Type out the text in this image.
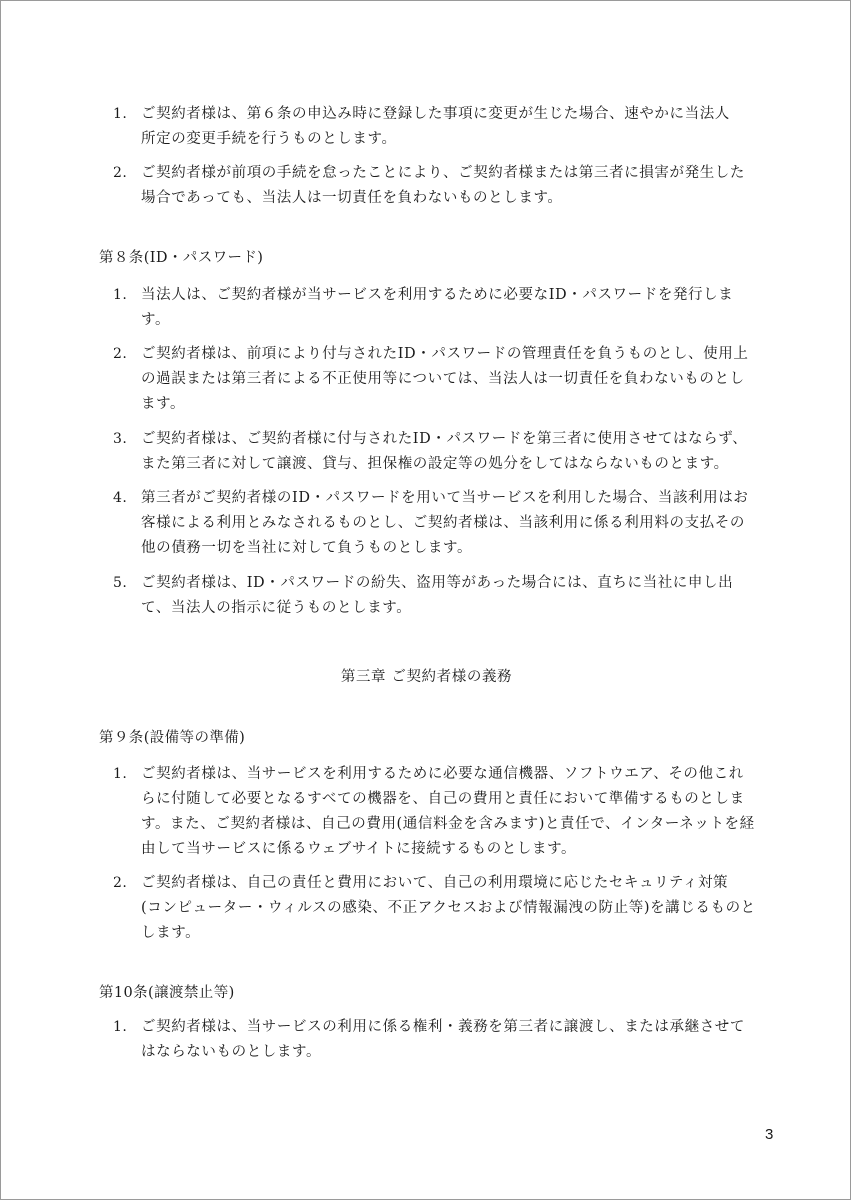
1. ご契約者様は、第６条の申込み時に登録した事項に変更が生じた場合、速やかに当法人
所定の変更手続を行うものとします。
2. ご契約者様が前項の手続を怠ったことにより、ご契約者様または第三者に損害が発生した
場合であっても、当法人は一切責任を負わないものとします。
第８条(ID・パスワード)
1. 当法人は、ご契約者様が当サービスを利用するために必要なID・パスワードを発行しま
す。
2. ご契約者様は、前項により付与されたID・パスワードの管理責任を負うものとし、使用上
の過誤または第三者による不正使用等については、当法人は一切責任を負わないものとし
ます。
3. ご契約者様は、ご契約者様に付与されたID・パスワードを第三者に使用させてはならず、
また第三者に対して譲渡、貸与、担保権の設定等の処分をしてはならないものとます。
4. 第三者がご契約者様のID・パスワードを用いて当サービスを利用した場合、当該利用はお
客様による利用とみなされるものとし、ご契約者様は、当該利用に係る利用料の支払その
他の債務一切を当社に対して負うものとします。
5. ご契約者様は、ID・パスワードの紛失、盗用等があった場合には、直ちに当社に申し出
て、当法人の指示に従うものとします。
第三章 ご契約者様の義務
第９条(設備等の準備)
1. ご契約者様は、当サービスを利用するために必要な通信機器、ソフトウエア、その他これ
らに付随して必要となるすべての機器を、自己の費用と責任において準備するものとしま
す。また、ご契約者様は、自己の費用(通信料金を含みます)と責任で、インターネットを経
由して当サービスに係るウェブサイトに接続するものとします。
2. ご契約者様は、自己の責任と費用において、自己の利用環境に応じたセキュリティ対策
(コンピューター・ウィルスの感染、不正アクセスおよび情報漏洩の防止等)を講じるものと
します。
第10条(譲渡禁止等)
1. ご契約者様は、当サービスの利用に係る権利・義務を第三者に譲渡し、または承継させて
はならないものとします。
3
